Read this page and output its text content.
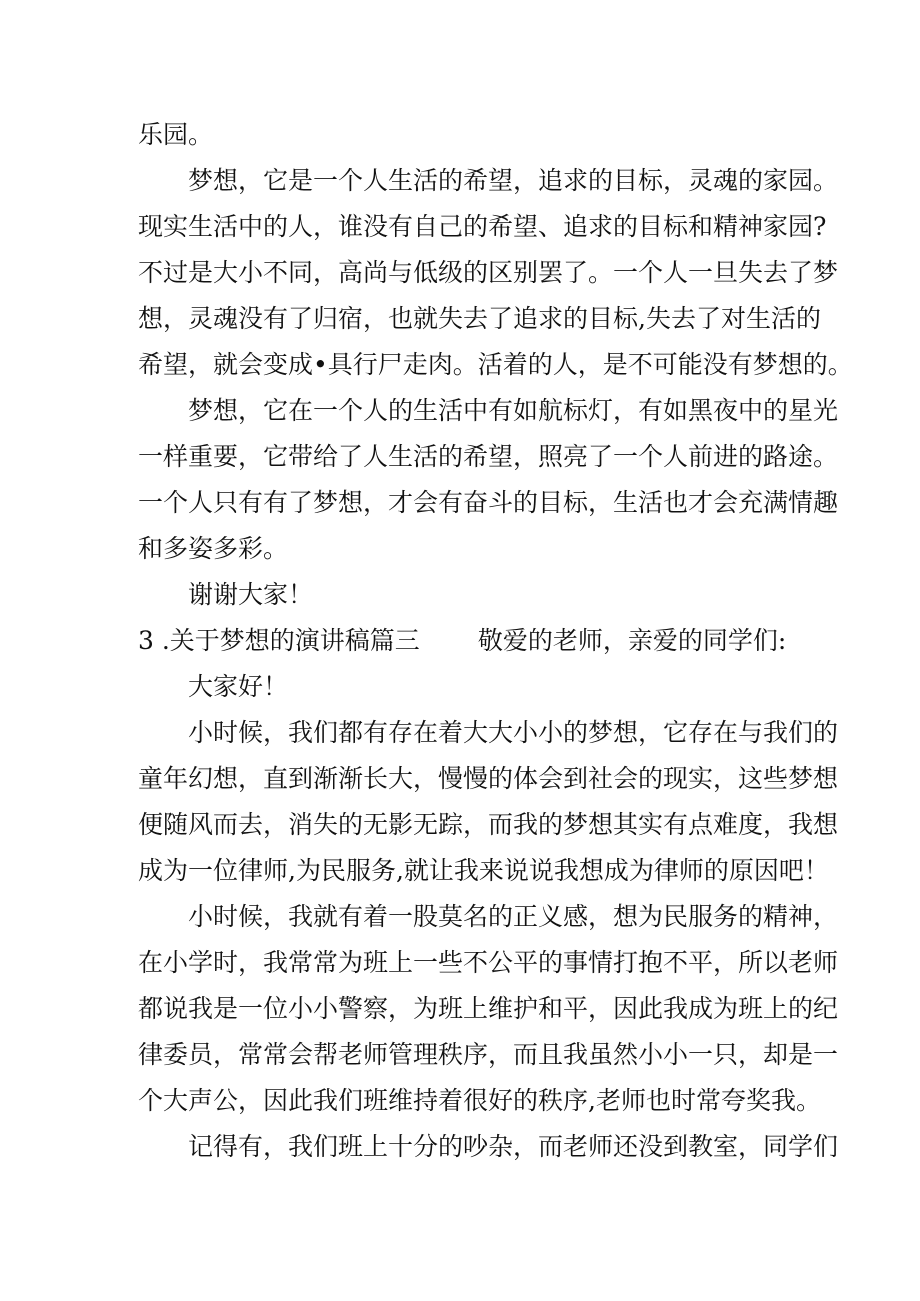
乐园。
梦想，它是一个人生活的希望，追求的目标，灵魂的家园。
现实生活中的人，谁没有自己的希望、追求的目标和精神家园?
不过是大小不同，高尚与低级的区别罢了。一个人一旦失去了梦
想，灵魂没有了归宿，也就失去了追求的目标,失去了对生活的
希望，就会变成•具行尸走肉。活着的人，是不可能没有梦想的。
梦想，它在一个人的生活中有如航标灯，有如黑夜中的星光
一样重要，它带给了人生活的希望，照亮了一个人前进的路途。
一个人只有有了梦想，才会有奋斗的目标，生活也才会充满情趣
和多姿多彩。
谢谢大家！
3 .关于梦想的演讲稿篇三 敬爱的老师，亲爱的同学们:
大家好！
小时候，我们都有存在着大大小小的梦想，它存在与我们的
童年幻想，直到渐渐长大，慢慢的体会到社会的现实，这些梦想
便随风而去，消失的无影无踪，而我的梦想其实有点难度，我想
成为一位律师,为民服务,就让我来说说我想成为律师的原因吧！
小时候，我就有着一股莫名的正义感，想为民服务的精神，
在小学时，我常常为班上一些不公平的事情打抱不平，所以老师
都说我是一位小小警察，为班上维护和平，因此我成为班上的纪
律委员，常常会帮老师管理秩序，而且我虽然小小一只，却是一
个大声公，因此我们班维持着很好的秩序,老师也时常夸奖我。
记得有，我们班上十分的吵杂，而老师还没到教室，同学们
